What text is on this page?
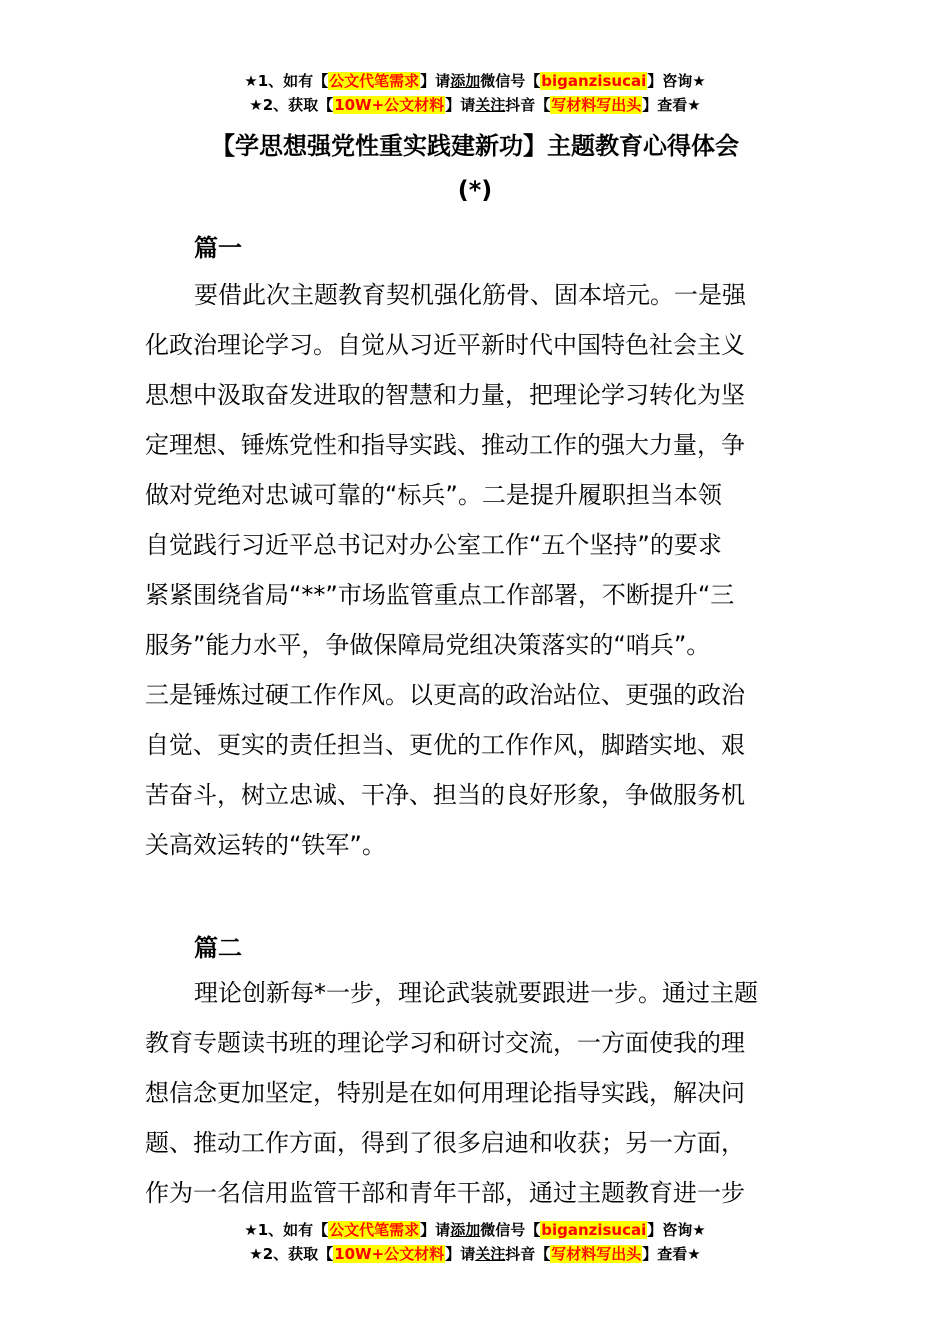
★1、如有【公文代笔需求】请添加微信号【biganzisucai】咨询★
★2、获取【10W+公文材料】请关注抖音【写材料写出头】查看★
【学思想强党性重实践建新功】主题教育心得体会
(*)
篇一
要借此次主题教育契机强化筋骨、固本培元。一是强
化政治理论学习。自觉从习近平新时代中国特色社会主义
思想中汲取奋发进取的智慧和力量，把理论学习转化为坚
定理想、锤炼党性和指导实践、推动工作的强大力量，争
做对党绝对忠诚可靠的“标兵”。二是提升履职担当本领
自觉践行习近平总书记对办公室工作“五个坚持”的要求
紧紧围绕省局“**”市场监管重点工作部署，不断提升“三
服务”能力水平，争做保障局党组决策落实的“哨兵”。
三是锤炼过硬工作作风。以更高的政治站位、更强的政治
自觉、更实的责任担当、更优的工作作风，脚踏实地、艰
苦奋斗，树立忠诚、干净、担当的良好形象，争做服务机
关高效运转的“铁军”。
篇二
理论创新每*一步，理论武装就要跟进一步。通过主题
教育专题读书班的理论学习和研讨交流，一方面使我的理
想信念更加坚定，特别是在如何用理论指导实践，解决问
题、推动工作方面，得到了很多启迪和收获；另一方面，
作为一名信用监管干部和青年干部，通过主题教育进一步
★1、如有【公文代笔需求】请添加微信号【biganzisucai】咨询★
★2、获取【10W+公文材料】请关注抖音【写材料写出头】查看★
